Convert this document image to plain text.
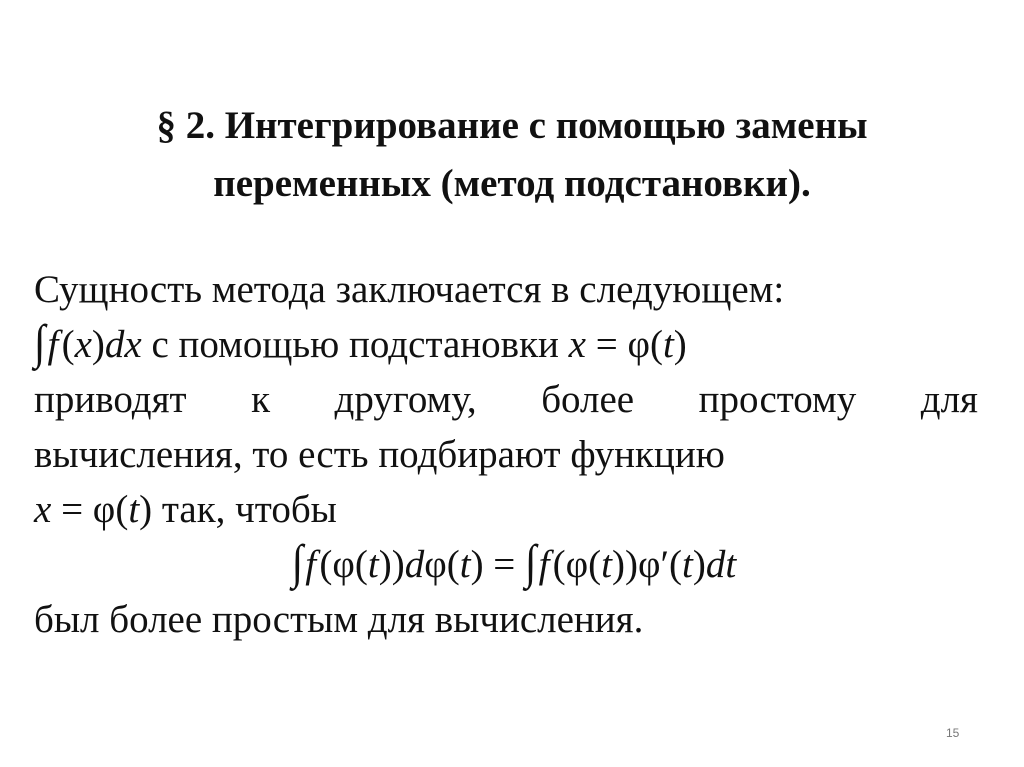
§ 2. Интегрирование с помощью замены
переменных (метод подстановки).
Сущность метода заключается в следующем:
∫f (x)dx с помощью подстановки x = φ(t)
приводят к другому, более простому для
вычисления, то есть подбирают функцию
x = φ(t) так, чтобы
∫f (φ(t))dφ(t) = ∫f (φ(t))φ′(t)dt
был более простым для вычисления.
15
